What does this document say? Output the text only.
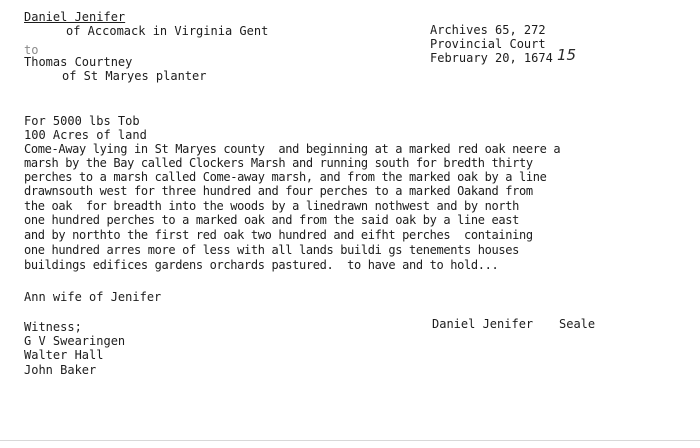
Daniel Jenifer
of Accomack in Virginia Gent
to
Thomas Courtney
of St Maryes planter
Archives 65, 272
Provincial Court
February 20, 1674 15
For 5000 lbs Tob
100 Acres of land
Come-Away lying in St Maryes county  and beginning at a marked red oak neere a
marsh by the Bay called Clockers Marsh and running south for bredth thirty
perches to a marsh called Come-away marsh, and from the marked oak by a line
drawnsouth west for three hundred and four perches to a marked Oakand from
the oak  for breadth into the woods by a linedrawn nothwest and by north
one hundred perches to a marked oak and from the said oak by a line east
and by northto the first red oak two hundred and eifht perches  containing
one hundred arres more of less with all lands buildi gs tenements houses
buildings edifices gardens orchards pastured.  to have and to hold...
Ann wife of Jenifer
Witness;
G V Swearingen
Walter Hall
John Baker
Daniel Jenifer Seale
